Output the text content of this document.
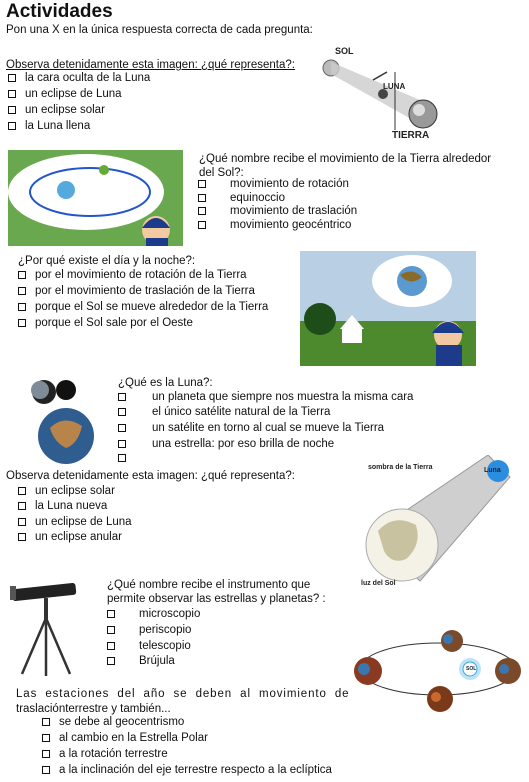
Actividades
Pon una X en la única respuesta correcta de cada pregunta:
Observa detenidamente esta imagen: ¿qué representa?:
la cara oculta de la Luna
un eclipse de Luna
un eclipse solar
la Luna llena
SOL
LUNA
TIERRA
¿Qué nombre recibe el movimiento de la Tierra alrededor
del Sol?:
movimiento de rotación
equinoccio
movimiento de traslación
movimiento geocéntrico
¿Por qué existe el día y la noche?:
por el movimiento de rotación de la Tierra
por el movimiento de traslación de la Tierra
porque el Sol se mueve alrededor de la Tierra
porque el Sol sale por el Oeste
¿Qué es la Luna?:
un planeta que siempre nos muestra la misma cara
el único satélite natural de la Tierra
un satélite en torno al cual se mueve la Tierra
una estrella: por eso brilla de noche
Observa detenidamente esta imagen: ¿qué representa?:
un eclipse solar
la Luna nueva
un eclipse de Luna
un eclipse anular
sombra de la Tierra	Luna
luz del Sol
¿Qué nombre recibe el instrumento que
permite observar las estrellas y planetas? :
microscopio
periscopio
telescopio
Brújula
SOL
Las estaciones del año se deben al movimiento de
traslaciónterrestre y también...
se debe al geocentrismo
al cambio en la Estrella Polar
a la rotación terrestre
a la inclinación del eje terrestre respecto a la eclíptica
